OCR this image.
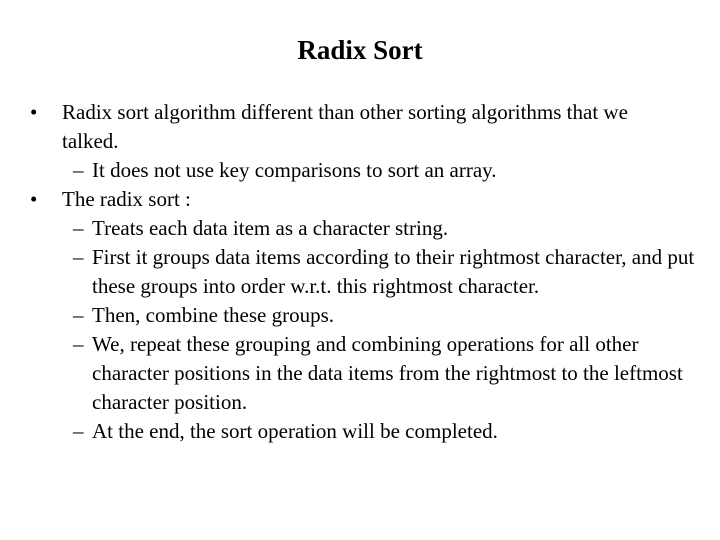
Radix Sort
• Radix sort algorithm different than other sorting algorithms that we talked.
– It does not use key comparisons to sort an array.
• The radix sort :
– Treats each data item as a character string.
– First it groups data items according to their rightmost character, and put these groups into order w.r.t. this rightmost character.
– Then, combine these groups.
– We, repeat these grouping and combining operations for all other character positions in the data items from the rightmost to the leftmost character position.
– At the end, the sort operation will be completed.
